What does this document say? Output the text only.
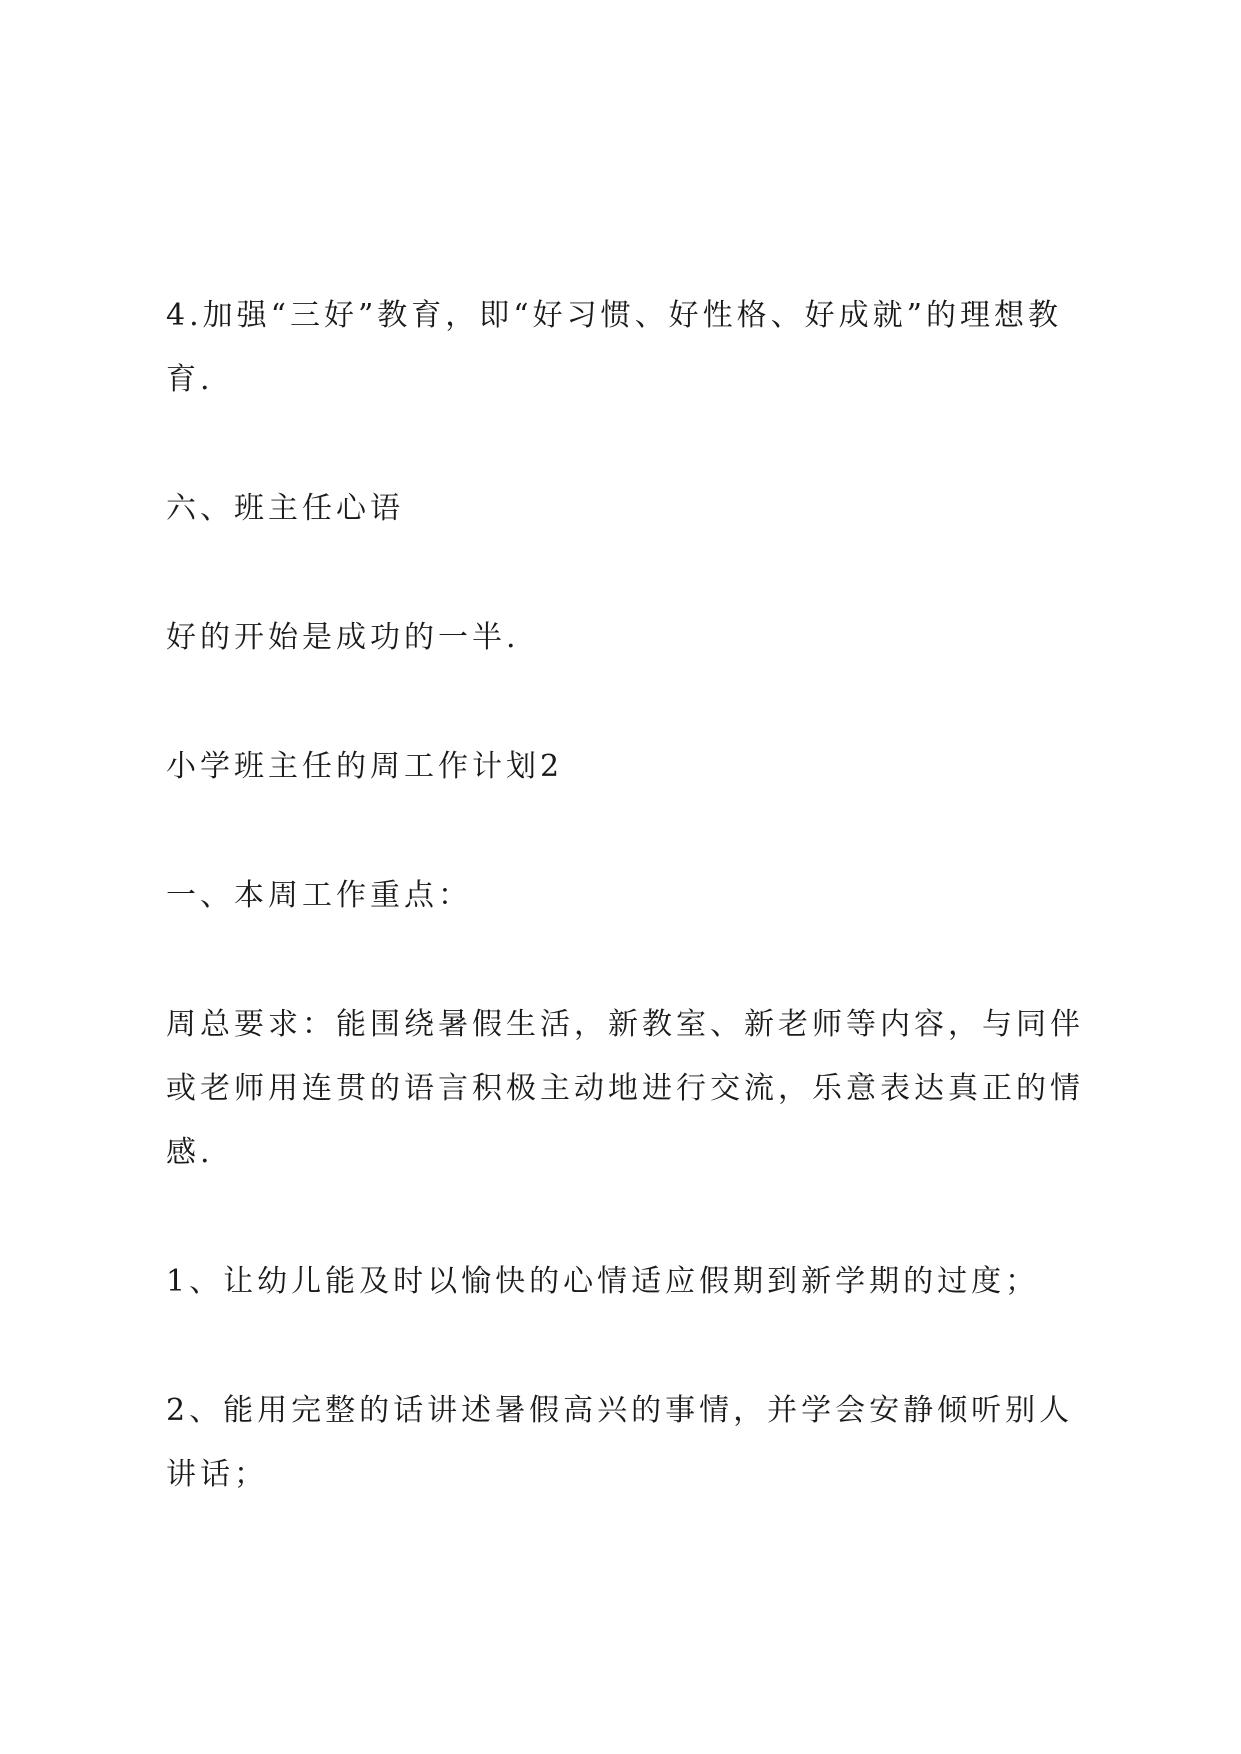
4.加强“三好”教育，即“好习惯、好性格、好成就”的理想教育.

六、班主任心语

好的开始是成功的一半.

小学班主任的周工作计划2

一、本周工作重点：

周总要求：能围绕暑假生活，新教室、新老师等内容，与同伴或老师用连贯的语言积极主动地进行交流，乐意表达真正的情感.

1、让幼儿能及时以愉快的心情适应假期到新学期的过度；

2、能用完整的话讲述暑假高兴的事情，并学会安静倾听别人讲话；
